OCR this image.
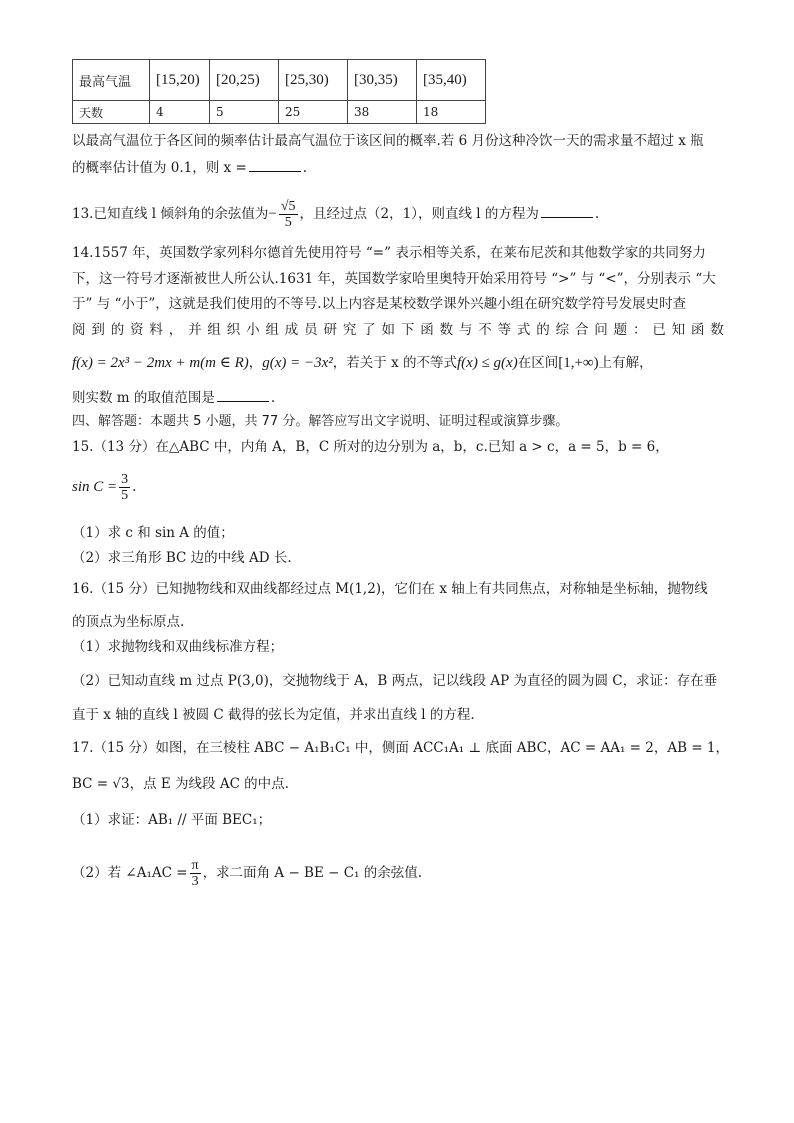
最高气温	[15,20)	[20,25)	[25,30)	[30,35)	[35,40)
天数	4	5	25	38	18
以最高气温位于各区间的频率估计最高气温位于该区间的概率.若 6 月份这种冷饮一天的需求量不超过 x 瓶
的概率估计值为 0.1，则 x =	.
13.已知直线 l 倾斜角的余弦值为− $\frac{√5}{5}$ ，且经过点（2，1），则直线 l 的方程为	.
14.1557 年，英国数学家列科尔德首先使用符号 “=” 表示相等关系，在莱布尼茨和其他数学家的共同努力
下，这一符号才逐渐被世人所公认.1631 年，英国数学家哈里奥特开始采用符号 “>” 与 “<”，分别表示 “大
于” 与 “小于”，这就是我们使用的不等号.以上内容是某校数学课外兴趣小组在研究数学符号发展史时查
阅 到 的 资 料 ， 并 组 织 小 组 成 员 研 究 了 如 下 函 数 与 不 等 式 的 综 合 问 题 ： 已 知 函 数
f(x) = 2x³ − 2mx + m(m ∈ R)，g(x) = −3x²，若关于 x 的不等式f(x) ≤ g(x)在区间[1,+∞)上有解，
则实数 m 的取值范围是	.
四、解答题：本题共 5 小题，共 77 分。解答应写出文字说明、证明过程或演算步骤。
15.（13 分）在△ABC 中，内角 A，B，C 所对的边分别为 a，b，c.已知 a > c，a = 5，b = 6，
$\sin C = \frac{3}{5}$ .
（1）求 c 和 sin A 的值；
（2）求三角形 BC 边的中线 AD 长.
16.（15 分）已知抛物线和双曲线都经过点 M(1,2)，它们在 x 轴上有共同焦点，对称轴是坐标轴，抛物线
的顶点为坐标原点.
（1）求抛物线和双曲线标准方程；
（2）已知动直线 m 过点 P(3,0)，交抛物线于 A，B 两点，记以线段 AP 为直径的圆为圆 C，求证：存在垂
直于 x 轴的直线 l 被圆 C 截得的弦长为定值，并求出直线 l 的方程.
17.（15 分）如图，在三棱柱 ABC − A₁B₁C₁ 中，侧面 ACC₁A₁ ⊥ 底面 ABC，AC = AA₁ = 2，AB = 1，
BC = √3，点 E 为线段 AC 的中点.
（1）求证：AB₁ // 平面 BEC₁；
（2）若 ∠A₁AC = $\frac{\pi}{3}$ ，求二面角 A − BE − C₁ 的余弦值.
